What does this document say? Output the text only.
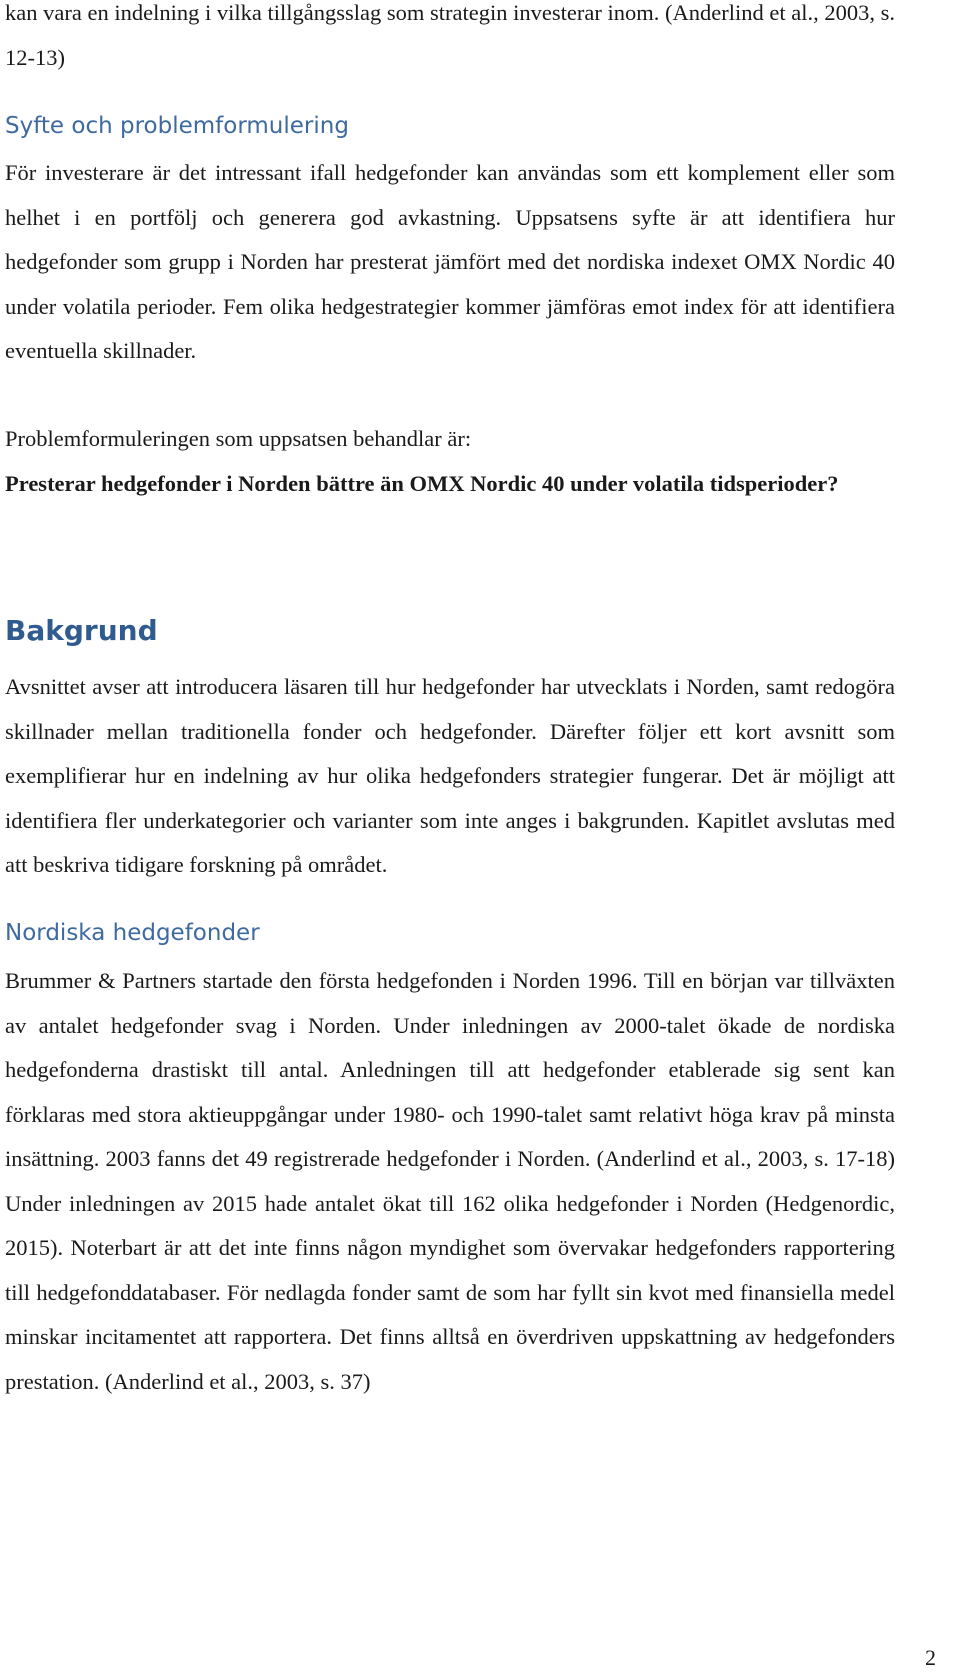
kan vara en indelning i vilka tillgångsslag som strategin investerar inom. (Anderlind et al., 2003, s. 12-13)

Syfte och problemformulering

För investerare är det intressant ifall hedgefonder kan användas som ett komplement eller som helhet i en portfölj och generera god avkastning. Uppsatsens syfte är att identifiera hur hedgefonder som grupp i Norden har presterat jämfört med det nordiska indexet OMX Nordic 40 under volatila perioder. Fem olika hedgestrategier kommer jämföras emot index för att identifiera eventuella skillnader.

Problemformuleringen som uppsatsen behandlar är:

Presterar hedgefonder i Norden bättre än OMX Nordic 40 under volatila tidsperioder?

Bakgrund

Avsnittet avser att introducera läsaren till hur hedgefonder har utvecklats i Norden, samt redogöra skillnader mellan traditionella fonder och hedgefonder. Därefter följer ett kort avsnitt som exemplifierar hur en indelning av hur olika hedgefonders strategier fungerar. Det är möjligt att identifiera fler underkategorier och varianter som inte anges i bakgrunden. Kapitlet avslutas med att beskriva tidigare forskning på området.

Nordiska hedgefonder

Brummer & Partners startade den första hedgefonden i Norden 1996. Till en början var tillväxten av antalet hedgefonder svag i Norden. Under inledningen av 2000-talet ökade de nordiska hedgefonderna drastiskt till antal. Anledningen till att hedgefonder etablerade sig sent kan förklaras med stora aktieuppgångar under 1980- och 1990-talet samt relativt höga krav på minsta insättning. 2003 fanns det 49 registrerade hedgefonder i Norden. (Anderlind et al., 2003, s. 17-18) Under inledningen av 2015 hade antalet ökat till 162 olika hedgefonder i Norden (Hedgenordic, 2015). Noterbart är att det inte finns någon myndighet som övervakar hedgefonders rapportering till hedgefonddatabaser. För nedlagda fonder samt de som har fyllt sin kvot med finansiella medel minskar incitamentet att rapportera. Det finns alltså en överdriven uppskattning av hedgefonders prestation. (Anderlind et al., 2003, s. 37)

2
